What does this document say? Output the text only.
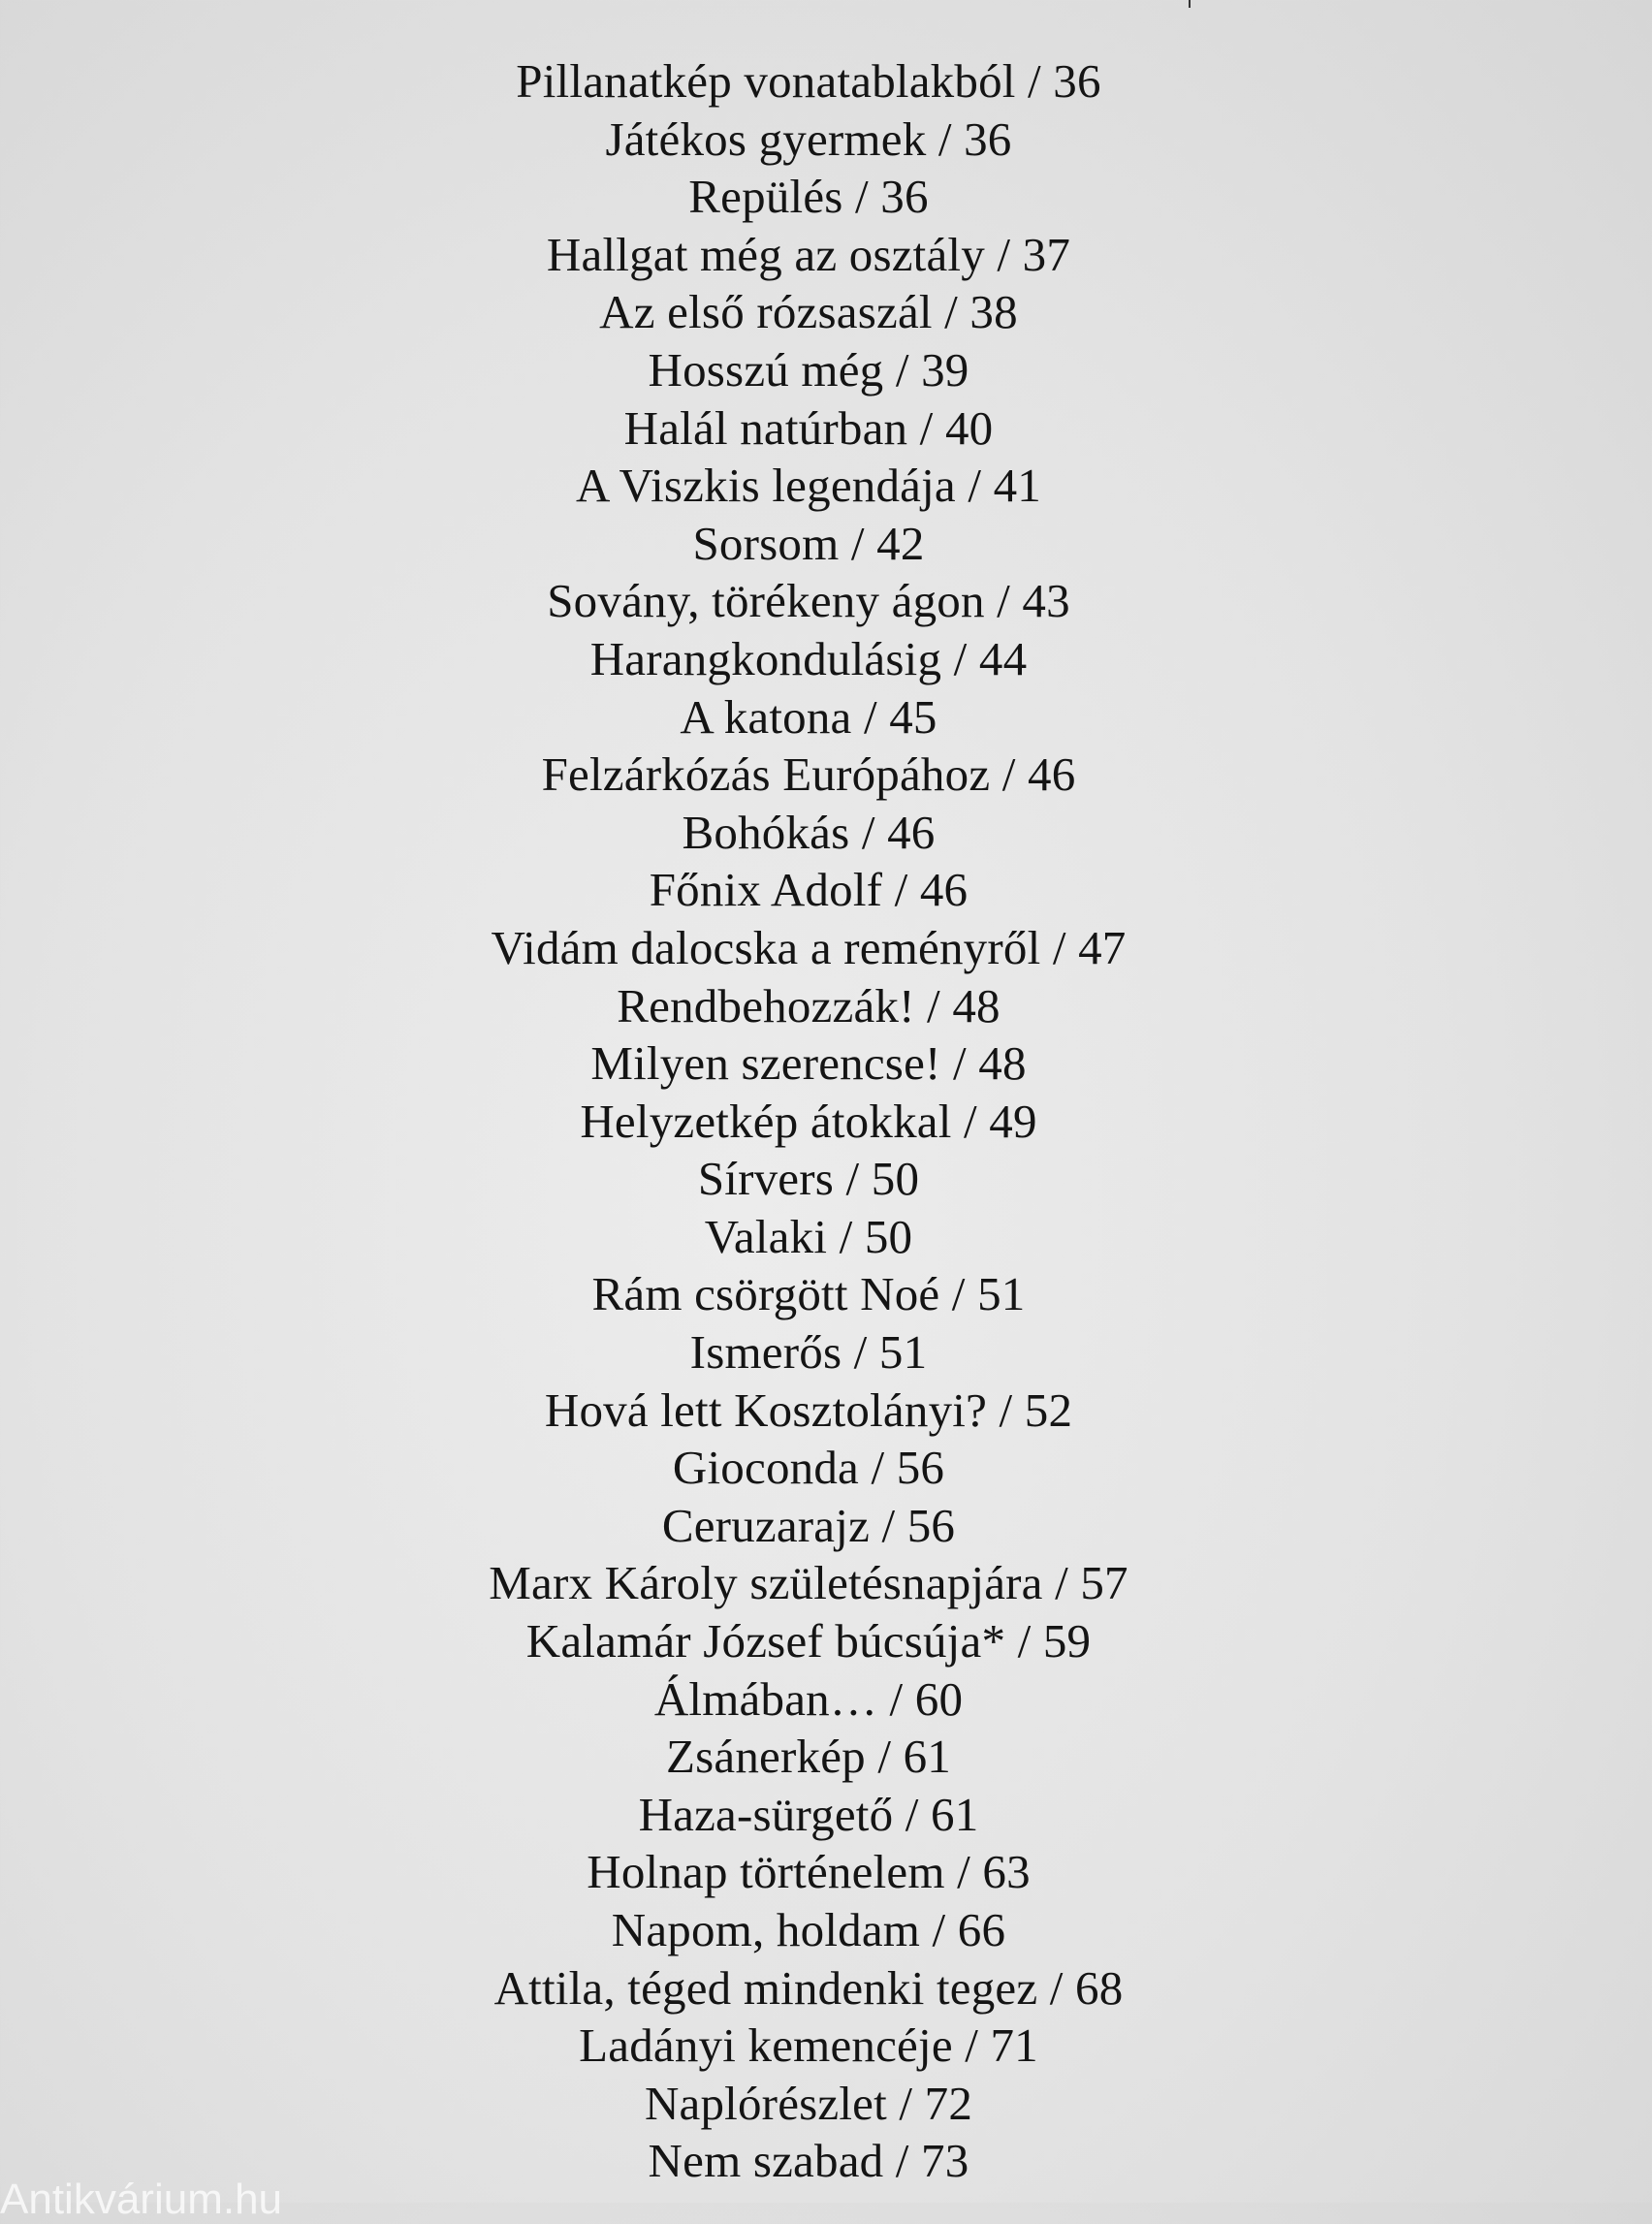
Pillanatkép vonatablakból / 36
Játékos gyermek / 36
Repülés / 36
Hallgat még az osztály / 37
Az első rózsaszál / 38
Hosszú még / 39
Halál natúrban / 40
A Viszkis legendája / 41
Sorsom / 42
Sovány, törékeny ágon / 43
Harangkondulásig / 44
A katona / 45
Felzárkózás Európához / 46
Bohókás / 46
Főnix Adolf / 46
Vidám dalocska a reményről / 47
Rendbehozzák! / 48
Milyen szerencse! / 48
Helyzetkép átokkal / 49
Sírvers / 50
Valaki / 50
Rám csörgött Noé / 51
Ismerős / 51
Hová lett Kosztolányi? / 52
Gioconda / 56
Ceruzarajz / 56
Marx Károly születésnapjára / 57
Kalamár József búcsúja* / 59
Álmában… / 60
Zsánerkép / 61
Haza-sürgető / 61
Holnap történelem / 63
Napom, holdam / 66
Attila, téged mindenki tegez / 68
Ladányi kemencéje / 71
Naplórészlet / 72
Nem szabad / 73
Antikvárium.hu
